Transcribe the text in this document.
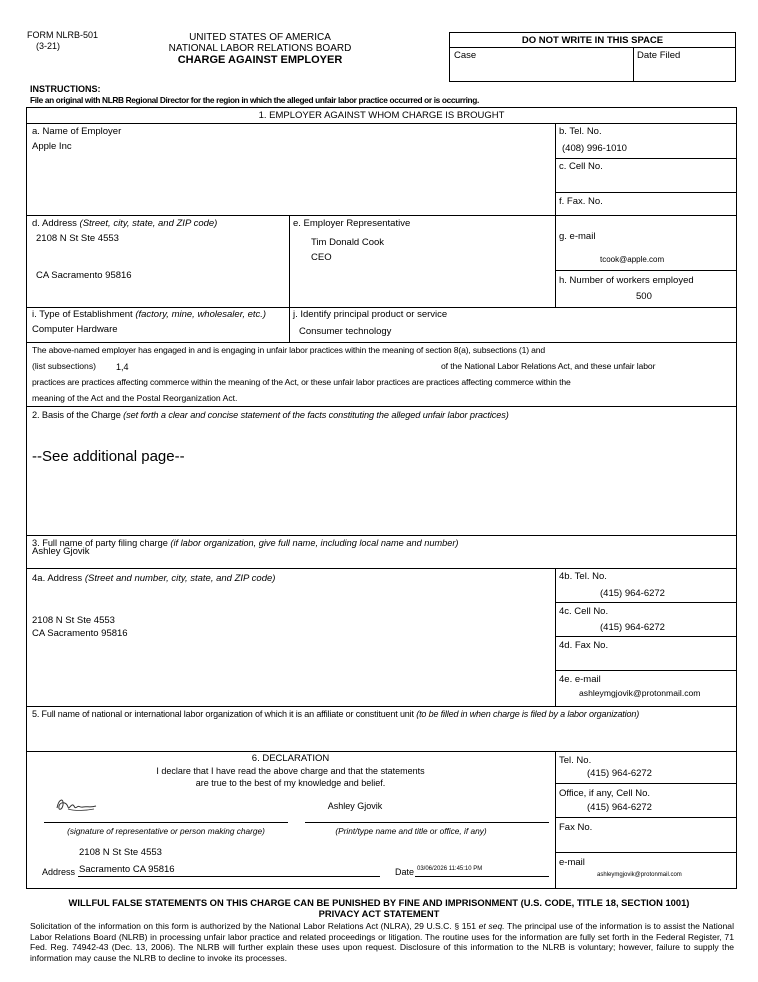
FORM NLRB-501
(3-21)
UNITED STATES OF AMERICA
NATIONAL LABOR RELATIONS BOARD
CHARGE AGAINST EMPLOYER
DO NOT WRITE IN THIS SPACE
Case	Date Filed
INSTRUCTIONS:
File an original with NLRB Regional Director for the region in which the alleged unfair labor practice occurred or is occurring.
1. EMPLOYER AGAINST WHOM CHARGE IS BROUGHT
a. Name of Employer
Apple Inc
b. Tel. No.
(408) 996-1010
c. Cell No.
f. Fax. No.
d. Address (Street, city, state, and ZIP code)
2108 N St Ste 4553
CA Sacramento 95816
e. Employer Representative
Tim Donald Cook
CEO
g. e-mail
tcook@apple.com
h. Number of workers employed
500
i. Type of Establishment (factory, mine, wholesaler, etc.)
Computer Hardware
j. Identify principal product or service
Consumer technology
The above-named employer has engaged in and is engaging in unfair labor practices within the meaning of section 8(a), subsections (1) and
(list subsections) 1,4	of the National Labor Relations Act, and these unfair labor
practices are practices affecting commerce within the meaning of the Act, or these unfair labor practices are practices affecting commerce within the
meaning of the Act and the Postal Reorganization Act.
2. Basis of the Charge (set forth a clear and concise statement of the facts constituting the alleged unfair labor practices)
--See additional page--
3. Full name of party filing charge (if labor organization, give full name, including local name and number)
Ashley Gjovik
4a. Address (Street and number, city, state, and ZIP code)
2108 N St Ste 4553
CA Sacramento 95816
4b. Tel. No.
(415) 964-6272
4c. Cell No.
(415) 964-6272
4d. Fax No.
4e. e-mail
ashleymgjovik@protonmail.com
5. Full name of national or international labor organization of which it is an affiliate or constituent unit (to be filled in when charge is filed by a labor organization)
6. DECLARATION
I declare that I have read the above charge and that the statements
are true to the best of my knowledge and belief.
Ashley Gjovik
(signature of representative or person making charge)	(Print/type name and title or office, if any)
2108 N St Ste 4553
Address Sacramento CA 95816	Date 03/06/2026 11:45:10 PM
Tel. No.
(415) 964-6272
Office, if any, Cell No.
(415) 964-6272
Fax No.
e-mail
ashleymgjovik@protonmail.com
WILLFUL FALSE STATEMENTS ON THIS CHARGE CAN BE PUNISHED BY FINE AND IMPRISONMENT (U.S. CODE, TITLE 18, SECTION 1001)
PRIVACY ACT STATEMENT
Solicitation of the information on this form is authorized by the National Labor Relations Act (NLRA), 29 U.S.C. § 151 et seq. The principal use of the information is to assist the National Labor Relations Board (NLRB) in processing unfair labor practice and related proceedings or litigation. The routine uses for the information are fully set forth in the Federal Register, 71 Fed. Reg. 74942-43 (Dec. 13, 2006). The NLRB will further explain these uses upon request. Disclosure of this information to the NLRB is voluntary; however, failure to supply the information may cause the NLRB to decline to invoke its processes.
